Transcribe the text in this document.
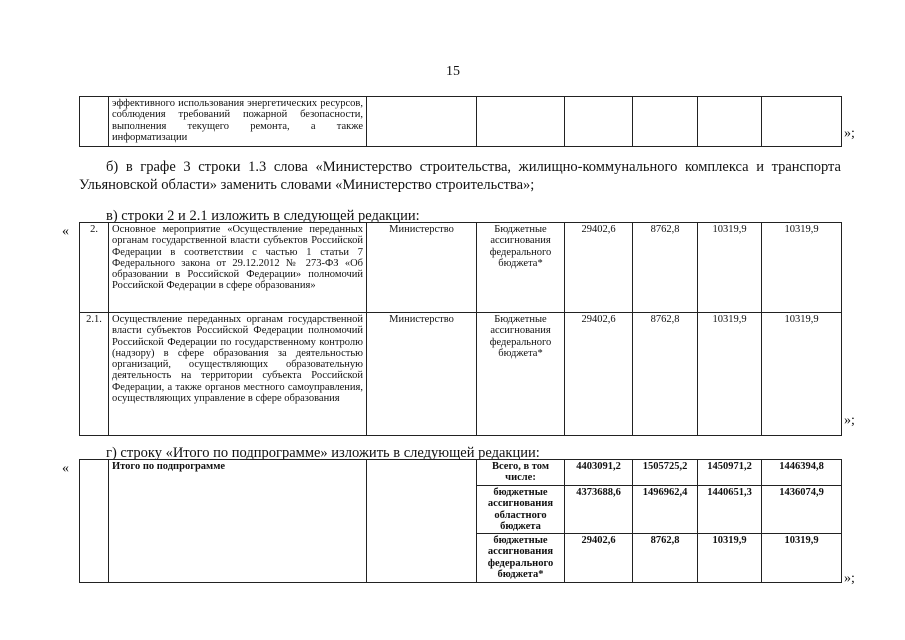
15
	эффективного использования энергетических ресурсов, соблюдения требований пожарной безопасности, выполнения текущего ремонта, а также информатизации							»;
б) в графе 3 строки 1.3 слова «Министерство строительства, жилищно-коммунального комплекса и транспорта Ульяновской области» заменить словами «Министерство строительства»;
в) строки 2 и 2.1 изложить в следующей редакции:
« 2.	Основное мероприятие «Осуществление переданных органам государственной власти субъектов Российской Федерации в соответствии с частью 1 статьи 7 Федерального закона от 29.12.2012 № 273-ФЗ «Об образовании в Российской Федерации» полномочий Российской Федерации в сфере образования»	Министерство	Бюджетные ассигнования федерального бюджета*	29402,6	8762,8	10319,9	10319,9
2.1.	Осуществление переданных органам государственной власти субъектов Российской Федерации полномочий Российской Федерации по государственному контролю (надзору) в сфере образования за деятельностью организаций, осуществляющих образовательную деятельность на территории субъекта Российской Федерации, а также органов местного самоуправления, осуществляющих управление в сфере образования	Министерство	Бюджетные ассигнования федерального бюджета*	29402,6	8762,8	10319,9	10319,9
»;
г) строку «Итого по подпрограмме» изложить в следующей редакции:
«
		Итого по подпрограмме		Всего, в том числе:	4403091,2	1505725,2	1450971,2	1446394,8
			бюджетные ассигнования областного бюджета	4373688,6	1496962,4	1440651,3	1436074,9
			бюджетные ассигнования федерального бюджета*	29402,6	8762,8	10319,9	10319,9
»;
